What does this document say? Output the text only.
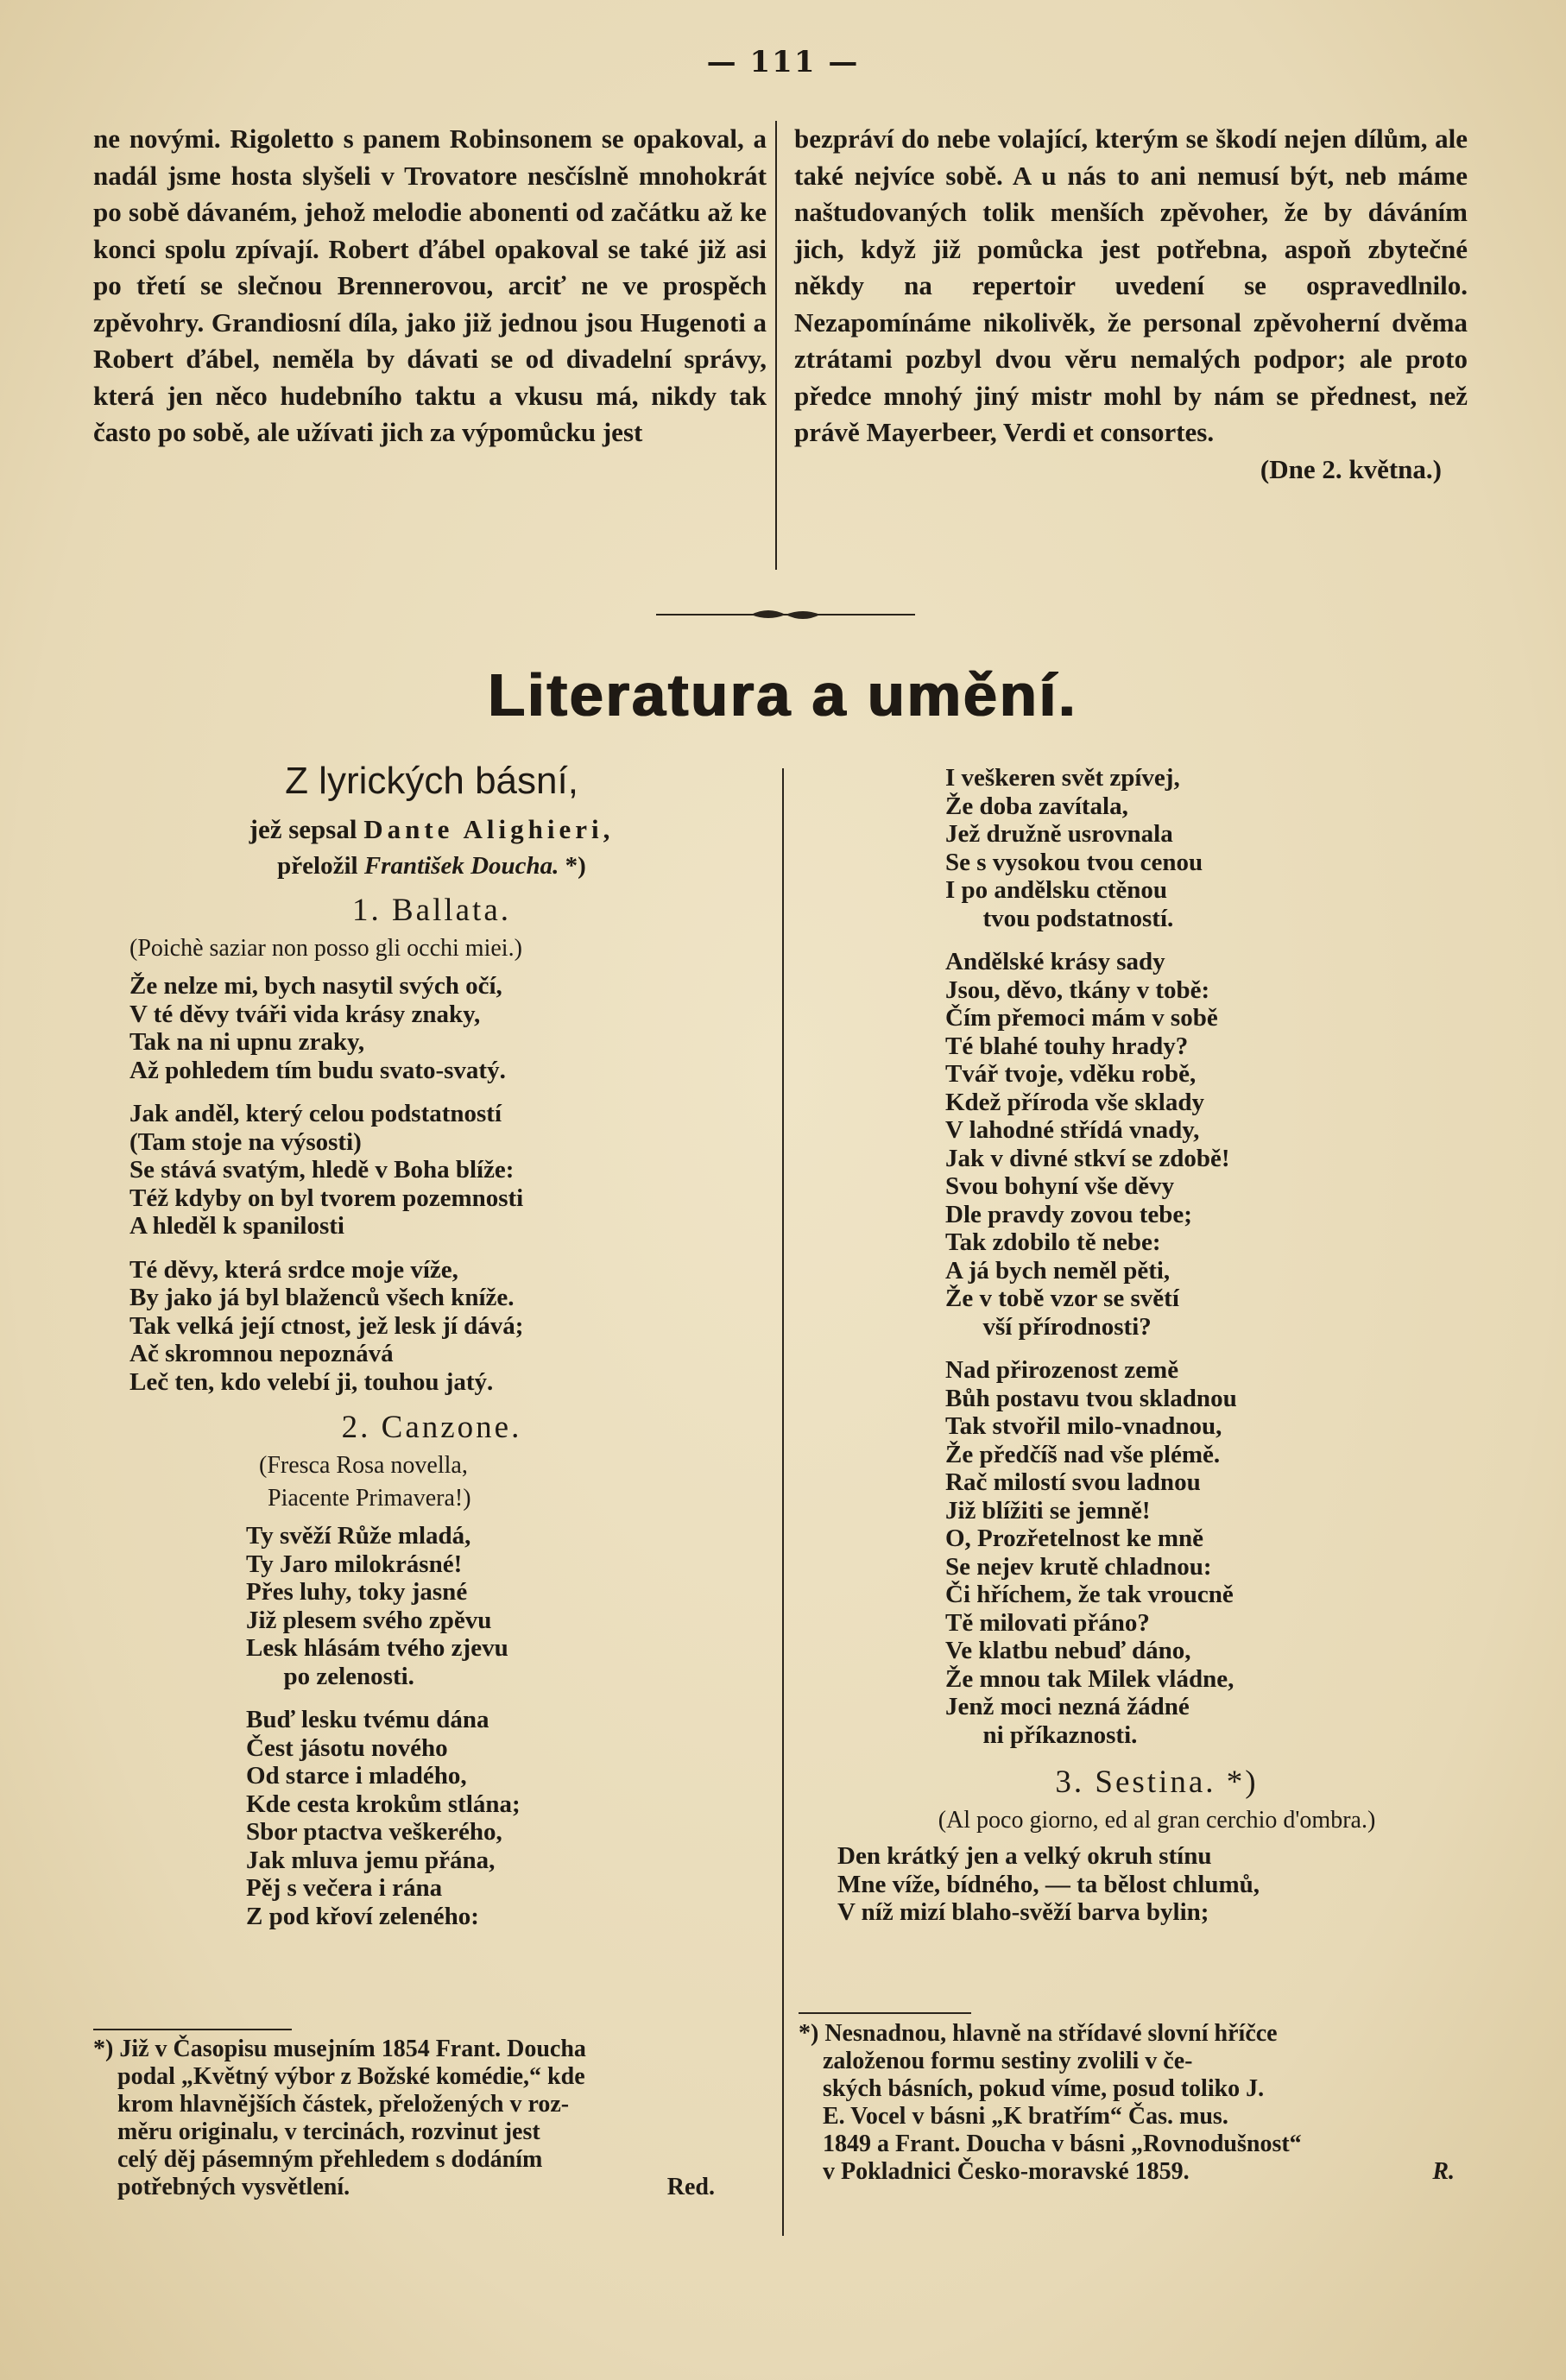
— 111 —
ne novými. Rigoletto s panem Robinsonem se opakoval, a nadál jsme hosta slyšeli v Trovatore nesčíslně mnohokrát po sobě dávaném, jehož melodie abonenti od začátku až ke konci spolu zpívají. Robert ďábel opakoval se také již asi po třetí se slečnou Brennerovou, arciť ne ve prospěch zpěvohry. Grandiosní díla, jako již jednou jsou Hugenoti a Robert ďábel, neměla by dávati se od divadelní správy, která jen něco hudebního taktu a vkusu má, nikdy tak často po sobě, ale užívati jich za výpomůcku jest
bezpráví do nebe volající, kterým se škodí nejen dílům, ale také nejvíce sobě. A u nás to ani nemusí být, neb máme naštudovaných tolik menších zpěvoher, že by dáváním jich, když již pomůcka jest potřebna, aspoň zbytečné někdy na repertoir uvedení se ospravedlnilo. Nezapomínáme nikolivěk, že personal zpěvoherní dvěma ztrátami pozbyl dvou věru nemalých podpor; ale proto předce mnohý jiný mistr mohl by nám se přednest, než právě Mayerbeer, Verdi et consortes.
(Dne 2. května.)
Literatura a umění.
Z lyrických básní,
jež sepsal Dante Alighieri,
přeložil František Doucha. *)
1. Ballata.
(Poichè saziar non posso gli occhi miei.)
Že nelze mi, bych nasytil svých očí,
V té děvy tváři vida krásy znaky,
Tak na ni upnu zraky,
Až pohledem tím budu svato-svatý.
Jak anděl, který celou podstatností
(Tam stoje na výsosti)
Se stává svatým, hledě v Boha blíže:
Též kdyby on byl tvorem pozemnosti
A hleděl k spanilosti
Té děvy, která srdce moje víže,
By jako já byl blaženců všech kníže.
Tak velká její ctnost, jež lesk jí dává;
Ač skromnou nepoznává
Leč ten, kdo velebí ji, touhou jatý.
2. Canzone.
(Fresca Rosa novella,
Piacente Primavera!)
Ty svěží Růže mladá,
Ty Jaro milokrásné!
Přes luhy, toky jasné
Již plesem svého zpěvu
Lesk hlásám tvého zjevu
po zelenosti.
Buď lesku tvému dána
Čest jásotu nového
Od starce i mladého,
Kde cesta krokům stlána;
Sbor ptactva veškerého,
Jak mluva jemu přána,
Pěj s večera i rána
Z pod křoví zeleného:
I veškeren svět zpívej,
Že doba zavítala,
Jež družně usrovnala
Se s vysokou tvou cenou
I po andělsku ctěnou
tvou podstatností.
Andělské krásy sady
Jsou, děvo, tkány v tobě:
Čím přemoci mám v sobě
Té blahé touhy hrady?
Tvář tvoje, vděku robě,
Kdež příroda vše sklady
V lahodné střídá vnady,
Jak v divné stkví se zdobě!
Svou bohyní vše děvy
Dle pravdy zovou tebe;
Tak zdobilo tě nebe:
A já bych neměl pěti,
Že v tobě vzor se světí
vší přírodnosti?
Nad přirozenost země
Bůh postavu tvou skladnou
Tak stvořil milo-vnadnou,
Že předčíš nad vše plémě.
Rač milostí svou ladnou
Již blížiti se jemně!
O, Prozřetelnost ke mně
Se nejev krutě chladnou:
Či hříchem, že tak vroucně
Tě milovati přáno?
Ve klatbu nebuď dáno,
Že mnou tak Milek vládne,
Jenž moci nezná žádné
ni příkaznosti.
3. Sestina. *)
(Al poco giorno, ed al gran cerchio d'ombra.)
Den krátký jen a velký okruh stínu
Mne víže, bídného, — ta bělost chlumů,
V níž mizí blaho-svěží barva bylin;
*) Již v Časopisu musejním 1854 Frant. Doucha
podal „Květný výbor z Božské komédie,“ kde
krom hlavnějších částek, přeložených v roz-
měru originalu, v tercinách, rozvinut jest
celý děj pásemným přehledem s dodáním
potřebných vysvětlení.	Red.
*) Nesnadnou, hlavně na střídavé slovní hříčce
založenou formu sestiny zvolili v če-
ských básních, pokud víme, posud toliko J.
E. Vocel v básni „K bratřím“ Čas. mus.
1849 a Frant. Doucha v básni „Rovnodušnost“
v Pokladnici Česko-moravské 1859.	R.
